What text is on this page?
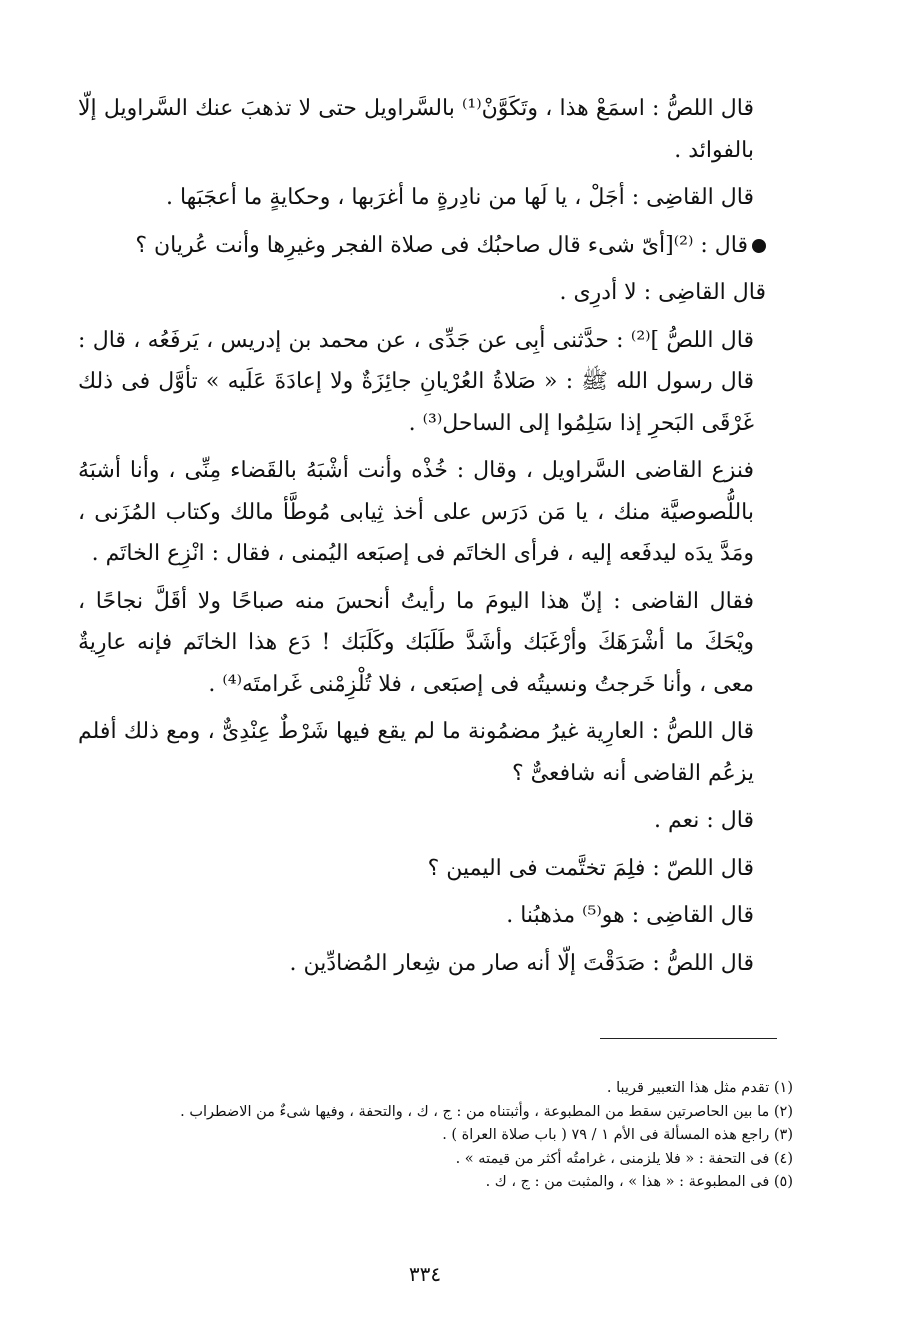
قال اللصُّ : اسمَعْ هذا ، وتَكَوَّنْ⁽¹⁾ بالسَّراويل حتى لا تذهبَ عنك السَّراويل إلّا بالفوائد .

قال القاضِى : أجَلْ ، يا لَها من نادِرةٍ ما أغرَبها ، وحكايةٍ ما أعجَبَها .

قال : ⁽²⁾[أىّ شىء قال صاحبُك فى صلاة الفجر وغيرِها وأنت عُريان ؟

قال القاضِى : لا أدرِى .

قال اللصُّ ]⁽²⁾ : حدَّثنى أبِى عن جَدِّى ، عن محمد بن إدريس ، يَرفَعُه ، قال : قال رسول الله ﷺ : « صَلاةُ العُرْيانِ جائِزَةٌ ولا إعادَةَ عَلَيه » تأوَّل فى ذلك غَرْقَى البَحرِ إذا سَلِمُوا إلى الساحل⁽³⁾ .

فنزع القاضى السَّراويل ، وقال : خُذْه وأنت أشْبَهُ بالقَضاء مِنِّى ، وأنا أشبَهُ باللُّصوصيَّة منك ، يا مَن دَرَس على أخذ ثِيابى مُوطَّأ مالك وكتاب المُزَنى ، ومَدَّ يدَه ليدفَعه إليه ، فرأى الخاتَم فى إصبَعه اليُمنى ، فقال : انْزِع الخاتَم .

فقال القاضى : إنّ هذا اليومَ ما رأيتُ أنحسَ منه صباحًا ولا أقَلَّ نجاحًا ، ويْحَكَ ما أشْرَهَكَ وأرْغَبَك وأشَدَّ طَلَبَك وكَلَبَك ! دَع هذا الخاتَم فإنه عارِيةٌ معى ، وأنا خَرجتُ ونسيتُه فى إصبَعى ، فلا تُلْزِمْنى غَرامتَه⁽⁴⁾ .

قال اللصُّ : العارِية غيرُ مضمُونة ما لم يقع فيها شَرْطٌ عِنْدِىٌّ ، ومع ذلك أفلم يزعُم القاضى أنه شافعىٌّ ؟

قال : نعم .

قال اللصّ : فلِمَ تختَّمت فى اليمين ؟

قال القاضِى : هو⁽⁵⁾ مذهبُنا .

قال اللصُّ : صَدَقْتَ إلّا أنه صار من شِعار المُضادِّين .

(١) تقدم مثل هذا التعبير قريبا .

(٢) ما بين الحاصرتين سقط من المطبوعة ، وأثبتناه من : ج ، ك ، والتحفة ، وفيها شىءٌ من الاضطراب .

(٣) راجع هذه المسألة فى الأم ١ / ٧٩ ( باب صلاة العراة ) .

(٤) فى التحفة : « فلا يلزمنى ، غرامتُه أكثر من قيمته » .

(٥) فى المطبوعة : « هذا » ، والمثبت من : ج ، ك .

٣٣٤
